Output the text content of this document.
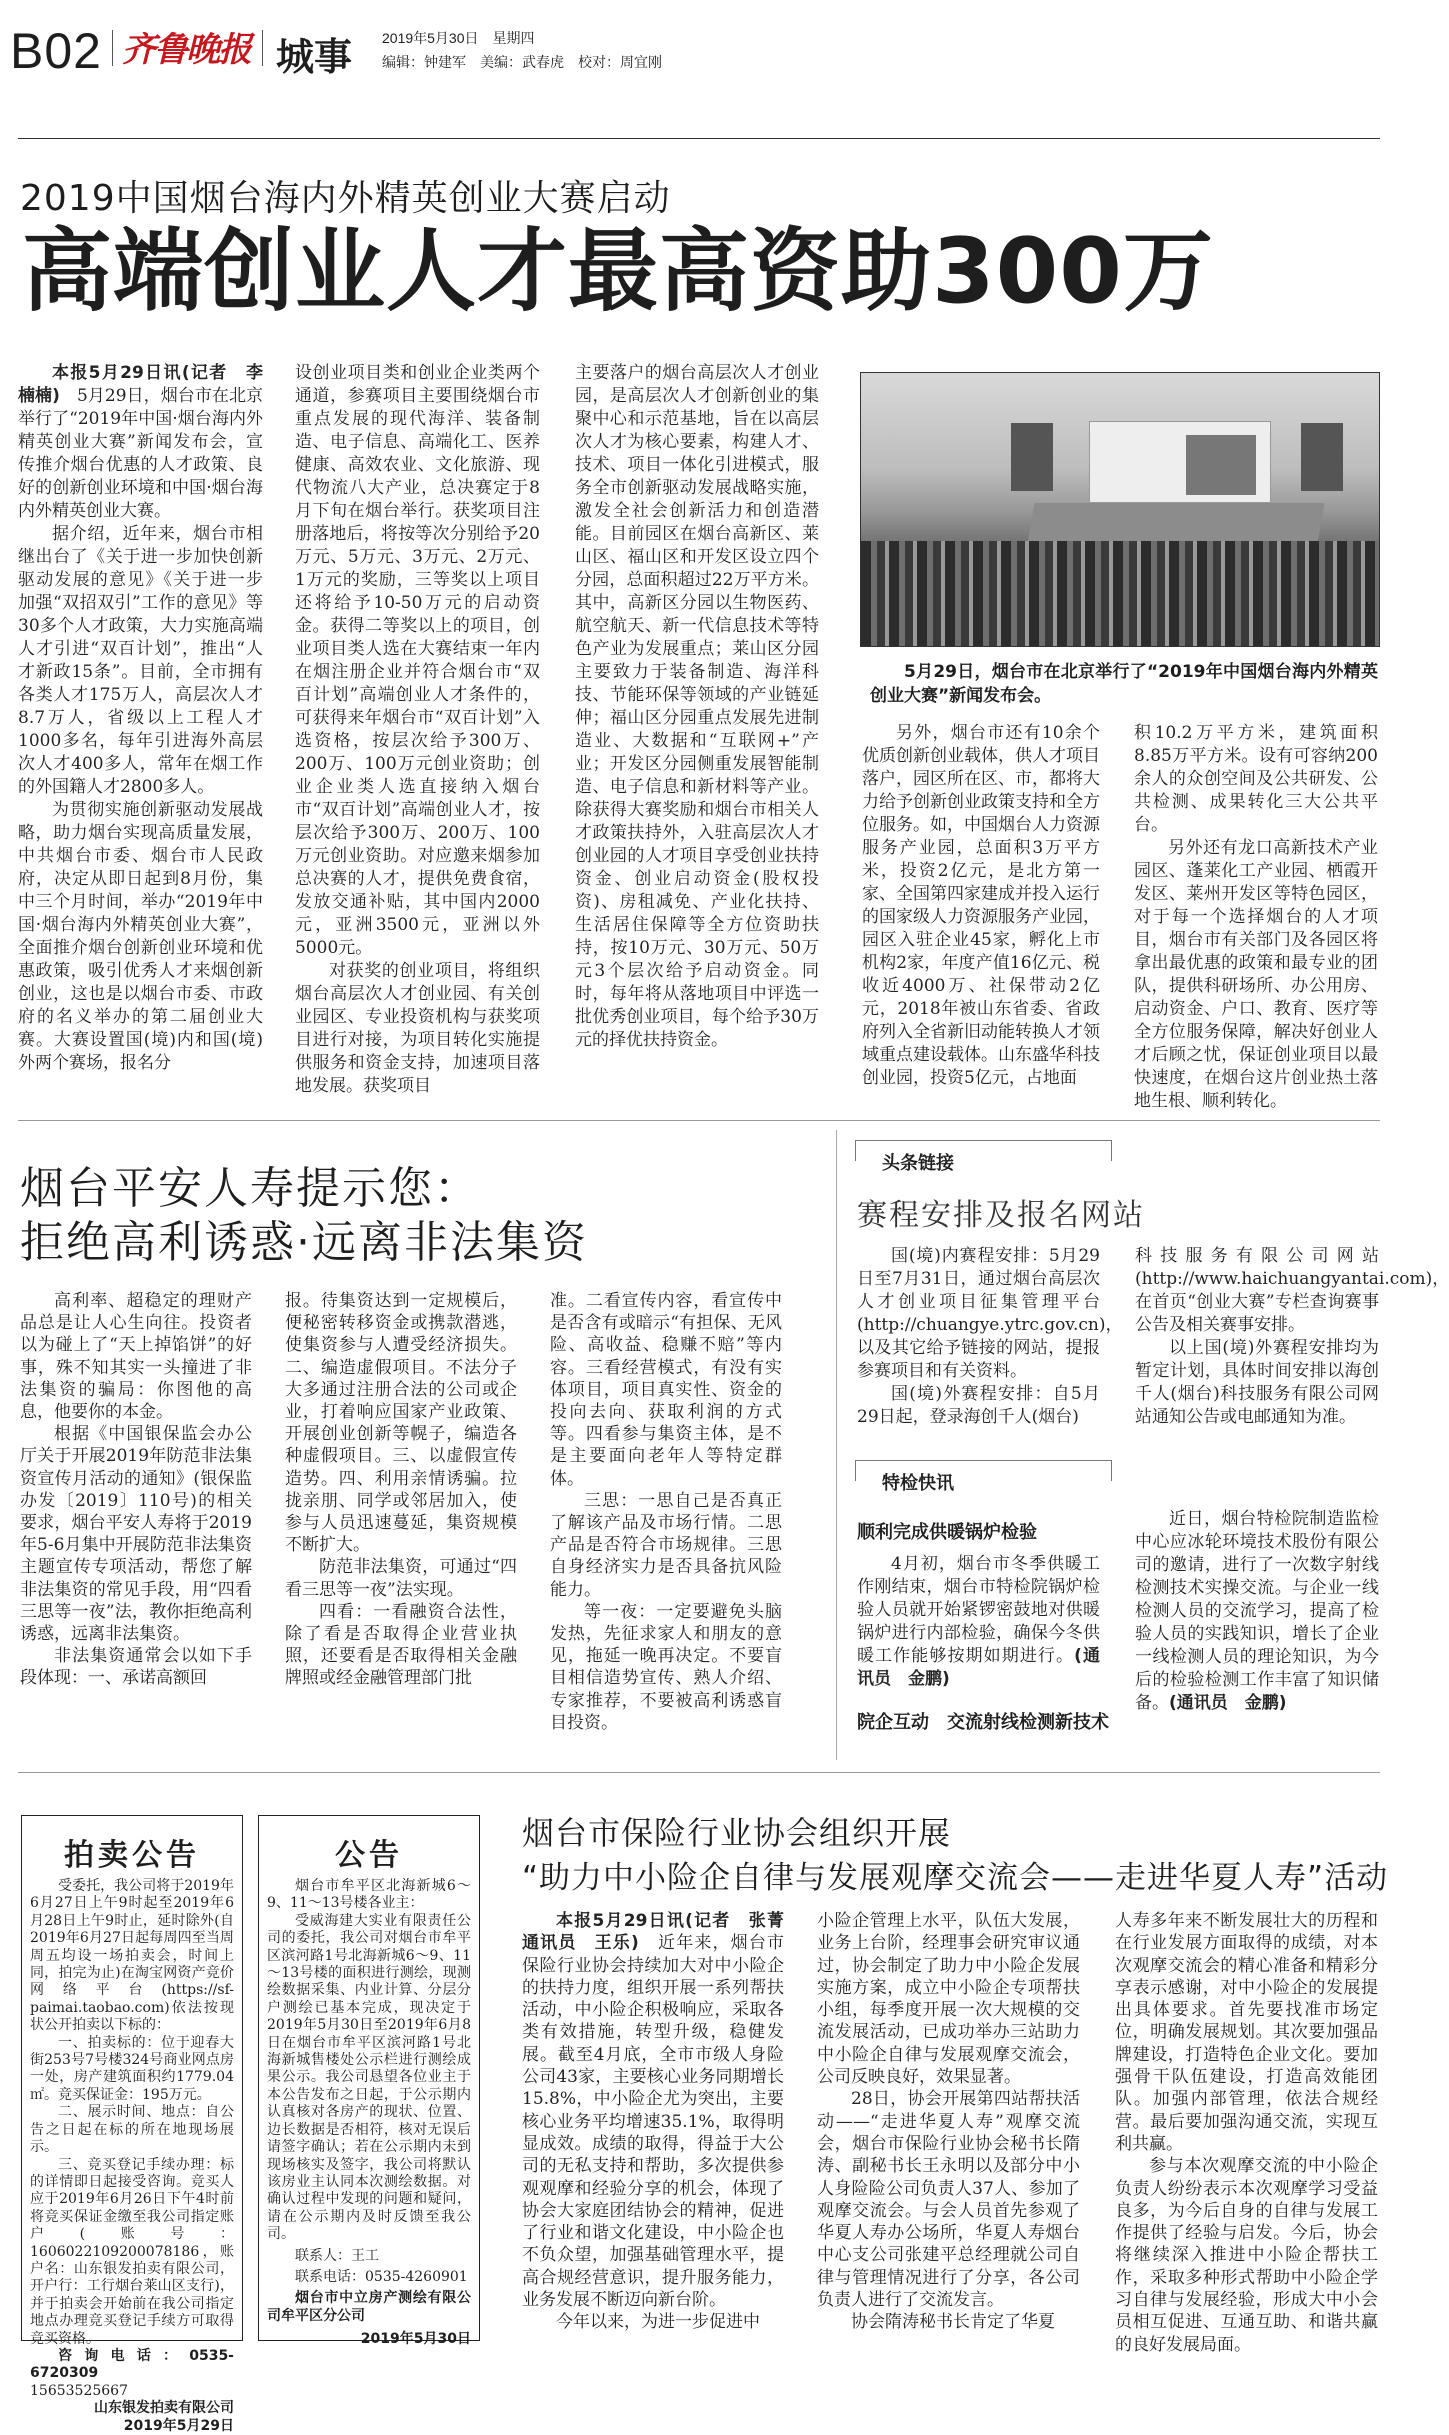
B02 齐鲁晚报 城事 2019年5月30日　星期四
编辑：钟建军　美编：武春虎　校对：周宜刚
2019中国烟台海内外精英创业大赛启动
高端创业人才最高资助300万

本报5月29日讯(记者　李楠楠)　5月29日，烟台市在北京举行了“2019年中国·烟台海内外精英创业大赛”新闻发布会，宣传推介烟台优惠的人才政策、良好的创新创业环境和中国·烟台海内外精英创业大赛。

据介绍，近年来，烟台市相继出台了《关于进一步加快创新驱动发展的意见》《关于进一步加强“双招双引”工作的意见》等30多个人才政策，大力实施高端人才引进“双百计划”，推出“人才新政15条”。目前，全市拥有各类人才175万人，高层次人才8.7万人，省级以上工程人才1000多名，每年引进海外高层次人才400多人，常年在烟工作的外国籍人才2800多人。

为贯彻实施创新驱动发展战略，助力烟台实现高质量发展，中共烟台市委、烟台市人民政府，决定从即日起到8月份，集中三个月时间，举办“2019年中国·烟台海内外精英创业大赛”，全面推介烟台创新创业环境和优惠政策，吸引优秀人才来烟创新创业，这也是以烟台市委、市政府的名义举办的第二届创业大赛。大赛设置国(境)内和国(境)外两个赛场，报名分

设创业项目类和创业企业类两个通道，参赛项目主要围绕烟台市重点发展的现代海洋、装备制造、电子信息、高端化工、医养健康、高效农业、文化旅游、现代物流八大产业，总决赛定于8月下旬在烟台举行。获奖项目注册落地后，将按等次分别给予20万元、5万元、3万元、2万元、1万元的奖励，三等奖以上项目还将给予10-50万元的启动资金。获得二等奖以上的项目，创业项目类人选在大赛结束一年内在烟注册企业并符合烟台市“双百计划”高端创业人才条件的，可获得来年烟台市“双百计划”入选资格，按层次给予300万、200万、100万元创业资助；创业企业类人选直接纳入烟台市“双百计划”高端创业人才，按层次给予300万、200万、100万元创业资助。对应邀来烟参加总决赛的人才，提供免费食宿，发放交通补贴，其中国内2000元，亚洲3500元，亚洲以外5000元。

对获奖的创业项目，将组织烟台高层次人才创业园、有关创业园区、专业投资机构与获奖项目进行对接，为项目转化实施提供服务和资金支持，加速项目落地发展。获奖项目

主要落户的烟台高层次人才创业园，是高层次人才创新创业的集聚中心和示范基地，旨在以高层次人才为核心要素，构建人才、技术、项目一体化引进模式，服务全市创新驱动发展战略实施，激发全社会创新活力和创造潜能。目前园区在烟台高新区、莱山区、福山区和开发区设立四个分园，总面积超过22万平方米。其中，高新区分园以生物医药、航空航天、新一代信息技术等特色产业为发展重点；莱山区分园主要致力于装备制造、海洋科技、节能环保等领域的产业链延伸；福山区分园重点发展先进制造业、大数据和“互联网+”产业；开发区分园侧重发展智能制造、电子信息和新材料等产业。除获得大赛奖励和烟台市相关人才政策扶持外，入驻高层次人才创业园的人才项目享受创业扶持资金、创业启动资金(股权投资)、房租减免、产业化扶持、生活居住保障等全方位资助扶持，按10万元、30万元、50万元3个层次给予启动资金。同时，每年将从落地项目中评选一批优秀创业项目，每个给予30万元的择优扶持资金。

5月29日，烟台市在北京举行了“2019年中国烟台海内外精英创业大赛”新闻发布会。

另外，烟台市还有10余个优质创新创业载体，供人才项目落户，园区所在区、市，都将大力给予创新创业政策支持和全方位服务。如，中国烟台人力资源服务产业园，总面积3万平方米，投资2亿元，是北方第一家、全国第四家建成并投入运行的国家级人力资源服务产业园，园区入驻企业45家，孵化上市机构2家，年度产值16亿元、税收近4000万、社保带动2亿元，2018年被山东省委、省政府列入全省新旧动能转换人才领域重点建设载体。山东盛华科技创业园，投资5亿元，占地面

积10.2万平方米，建筑面积8.85万平方米。设有可容纳200余人的众创空间及公共研发、公共检测、成果转化三大公共平台。

另外还有龙口高新技术产业园区、蓬莱化工产业园、栖霞开发区、莱州开发区等特色园区，对于每一个选择烟台的人才项目，烟台市有关部门及各园区将拿出最优惠的政策和最专业的团队，提供科研场所、办公用房、启动资金、户口、教育、医疗等全方位服务保障，解决好创业人才后顾之忧，保证创业项目以最快速度，在烟台这片创业热土落地生根、顺利转化。

烟台平安人寿提示您：
拒绝高利诱惑·远离非法集资

高利率、超稳定的理财产品总是让人心生向往。投资者以为碰上了“天上掉馅饼”的好事，殊不知其实一头撞进了非法集资的骗局：你图他的高息，他要你的本金。

根据《中国银保监会办公厅关于开展2019年防范非法集资宣传月活动的通知》(银保监办发〔2019〕110号)的相关要求，烟台平安人寿将于2019年5-6月集中开展防范非法集资主题宣传专项活动，帮您了解非法集资的常见手段，用“四看三思等一夜”法，教你拒绝高利诱惑，远离非法集资。

非法集资通常会以如下手段体现：一、承诺高额回

报。待集资达到一定规模后，便秘密转移资金或携款潜逃，使集资参与人遭受经济损失。二、编造虚假项目。不法分子大多通过注册合法的公司或企业，打着响应国家产业政策、开展创业创新等幌子，编造各种虚假项目。三、以虚假宣传造势。四、利用亲情诱骗。拉拢亲朋、同学或邻居加入，使参与人员迅速蔓延，集资规模不断扩大。

防范非法集资，可通过“四看三思等一夜”法实现。

四看：一看融资合法性，除了看是否取得企业营业执照，还要看是否取得相关金融牌照或经金融管理部门批

准。二看宣传内容，看宣传中是否含有或暗示“有担保、无风险、高收益、稳赚不赔”等内容。三看经营模式，有没有实体项目，项目真实性、资金的投向去向、获取利润的方式等。四看参与集资主体，是不是主要面向老年人等特定群体。

三思：一思自己是否真正了解该产品及市场行情。二思产品是否符合市场规律。三思自身经济实力是否具备抗风险能力。

等一夜：一定要避免头脑发热，先征求家人和朋友的意见，拖延一晚再决定。不要盲目相信造势宣传、熟人介绍、专家推荐，不要被高利诱惑盲目投资。

头条链接
赛程安排及报名网站

国(境)内赛程安排：5月29日至7月31日，通过烟台高层次人才创业项目征集管理平台(http://chuangye.ytrc.gov.cn)，以及其它给予链接的网站，提报参赛项目和有关资料。

国(境)外赛程安排：自5月29日起，登录海创千人(烟台)

科技服务有限公司网站(http://www.haichuangyantai.com)，在首页“创业大赛”专栏查询赛事公告及相关赛事安排。

以上国(境)外赛程安排均为暂定计划，具体时间安排以海创千人(烟台)科技服务有限公司网站通知公告或电邮通知为准。

特检快讯
顺利完成供暖锅炉检验

4月初，烟台市冬季供暖工作刚结束，烟台市特检院锅炉检验人员就开始紧锣密鼓地对供暖锅炉进行内部检验，确保今冬供暖工作能够按期如期进行。(通讯员　金鹏)

院企互动　交流射线检测新技术

近日，烟台特检院制造监检中心应冰轮环境技术股份有限公司的邀请，进行了一次数字射线检测技术实操交流。与企业一线检测人员的交流学习，提高了检验人员的实践知识，增长了企业一线检测人员的理论知识，为今后的检验检测工作丰富了知识储备。(通讯员　金鹏)

拍卖公告

受委托，我公司将于2019年6月27日上午9时起至2019年6月28日上午9时止，延时除外(自2019年6月27日起每周四至当周周五均设一场拍卖会，时间上同，拍完为止)在淘宝网资产竞价网络平台(https://sf-paimai.taobao.com)依法按现状公开拍卖以下标的：

一、拍卖标的：位于迎春大街253号7号楼324号商业网点房一处，房产建筑面积约1779.04㎡。竞买保证金：195万元。

二、展示时间、地点：自公告之日起在标的所在地现场展示。

三、竞买登记手续办理：标的详情即日起接受咨询。竞买人应于2019年6月26日下午4时前将竞买保证金缴至我公司指定账户(账号：1606022109200078186，账户名：山东银发拍卖有限公司，开户行：工行烟台莱山区支行)，并于拍卖会开始前在我公司指定地点办理竞买登记手续方可取得竞买资格。

咨询电话：0535-6720309

15653525667

山东银发拍卖有限公司

2019年5月29日

公告

烟台市牟平区北海新城6～9、11～13号楼各业主：

受威海建大实业有限责任公司的委托，我公司对烟台市牟平区滨河路1号北海新城6～9、11～13号楼的面积进行测绘，现测绘数据采集、内业计算、分层分户测绘已基本完成，现决定于2019年5月30日至2019年6月8日在烟台市牟平区滨河路1号北海新城售楼处公示栏进行测绘成果公示。我公司恳望各位业主于本公告发布之日起，于公示期内认真核对各房产的现状、位置、边长数据是否相符，核对无误后请签字确认；若在公示期内未到现场核实及签字，我公司将默认该房业主认同本次测绘数据。对确认过程中发现的问题和疑问，请在公示期内及时反馈至我公司。

联系人：王工

联系电话：0535-4260901

烟台市中立房产测绘有限公司牟平区分公司

2019年5月30日

烟台市保险行业协会组织开展
“助力中小险企自律与发展观摩交流会——走进华夏人寿”活动

本报5月29日讯(记者　张菁　通讯员　王乐)　近年来，烟台市保险行业协会持续加大对中小险企的扶持力度，组织开展一系列帮扶活动，中小险企积极响应，采取各类有效措施，转型升级，稳健发展。截至4月底，全市市级人身险公司43家，主要核心业务同期增长15.8%，中小险企尤为突出，主要核心业务平均增速35.1%，取得明显成效。成绩的取得，得益于大公司的无私支持和帮助，多次提供参观观摩和经验分享的机会，体现了协会大家庭团结协会的精神，促进了行业和谐文化建设，中小险企也不负众望，加强基础管理水平，提高合规经营意识，提升服务能力，业务发展不断迈向新台阶。

今年以来，为进一步促进中

小险企管理上水平，队伍大发展，业务上台阶，经理事会研究审议通过，协会制定了助力中小险企发展实施方案，成立中小险企专项帮扶小组，每季度开展一次大规模的交流发展活动，已成功举办三站助力中小险企自律与发展观摩交流会，公司反映良好，效果显著。

28日，协会开展第四站帮扶活动——“走进华夏人寿”观摩交流会，烟台市保险行业协会秘书长隋涛、副秘书长王永明以及部分中小人身险险公司负责人37人、参加了观摩交流会。与会人员首先参观了华夏人寿办公场所，华夏人寿烟台中心支公司张建平总经理就公司自律与管理情况进行了分享，各公司负责人进行了交流发言。

协会隋涛秘书长肯定了华夏

人寿多年来不断发展壮大的历程和在行业发展方面取得的成绩，对本次观摩交流会的精心准备和精彩分享表示感谢，对中小险企的发展提出具体要求。首先要找准市场定位，明确发展规划。其次要加强品牌建设，打造特色企业文化。要加强骨干队伍建设，打造高效能团队。加强内部管理，依法合规经营。最后要加强沟通交流，实现互利共赢。

参与本次观摩交流的中小险企负责人纷纷表示本次观摩学习受益良多，为今后自身的自律与发展工作提供了经验与启发。今后，协会将继续深入推进中小险企帮扶工作，采取多种形式帮助中小险企学习自律与发展经验，形成大中小会员相互促进、互通互助、和谐共赢的良好发展局面。
